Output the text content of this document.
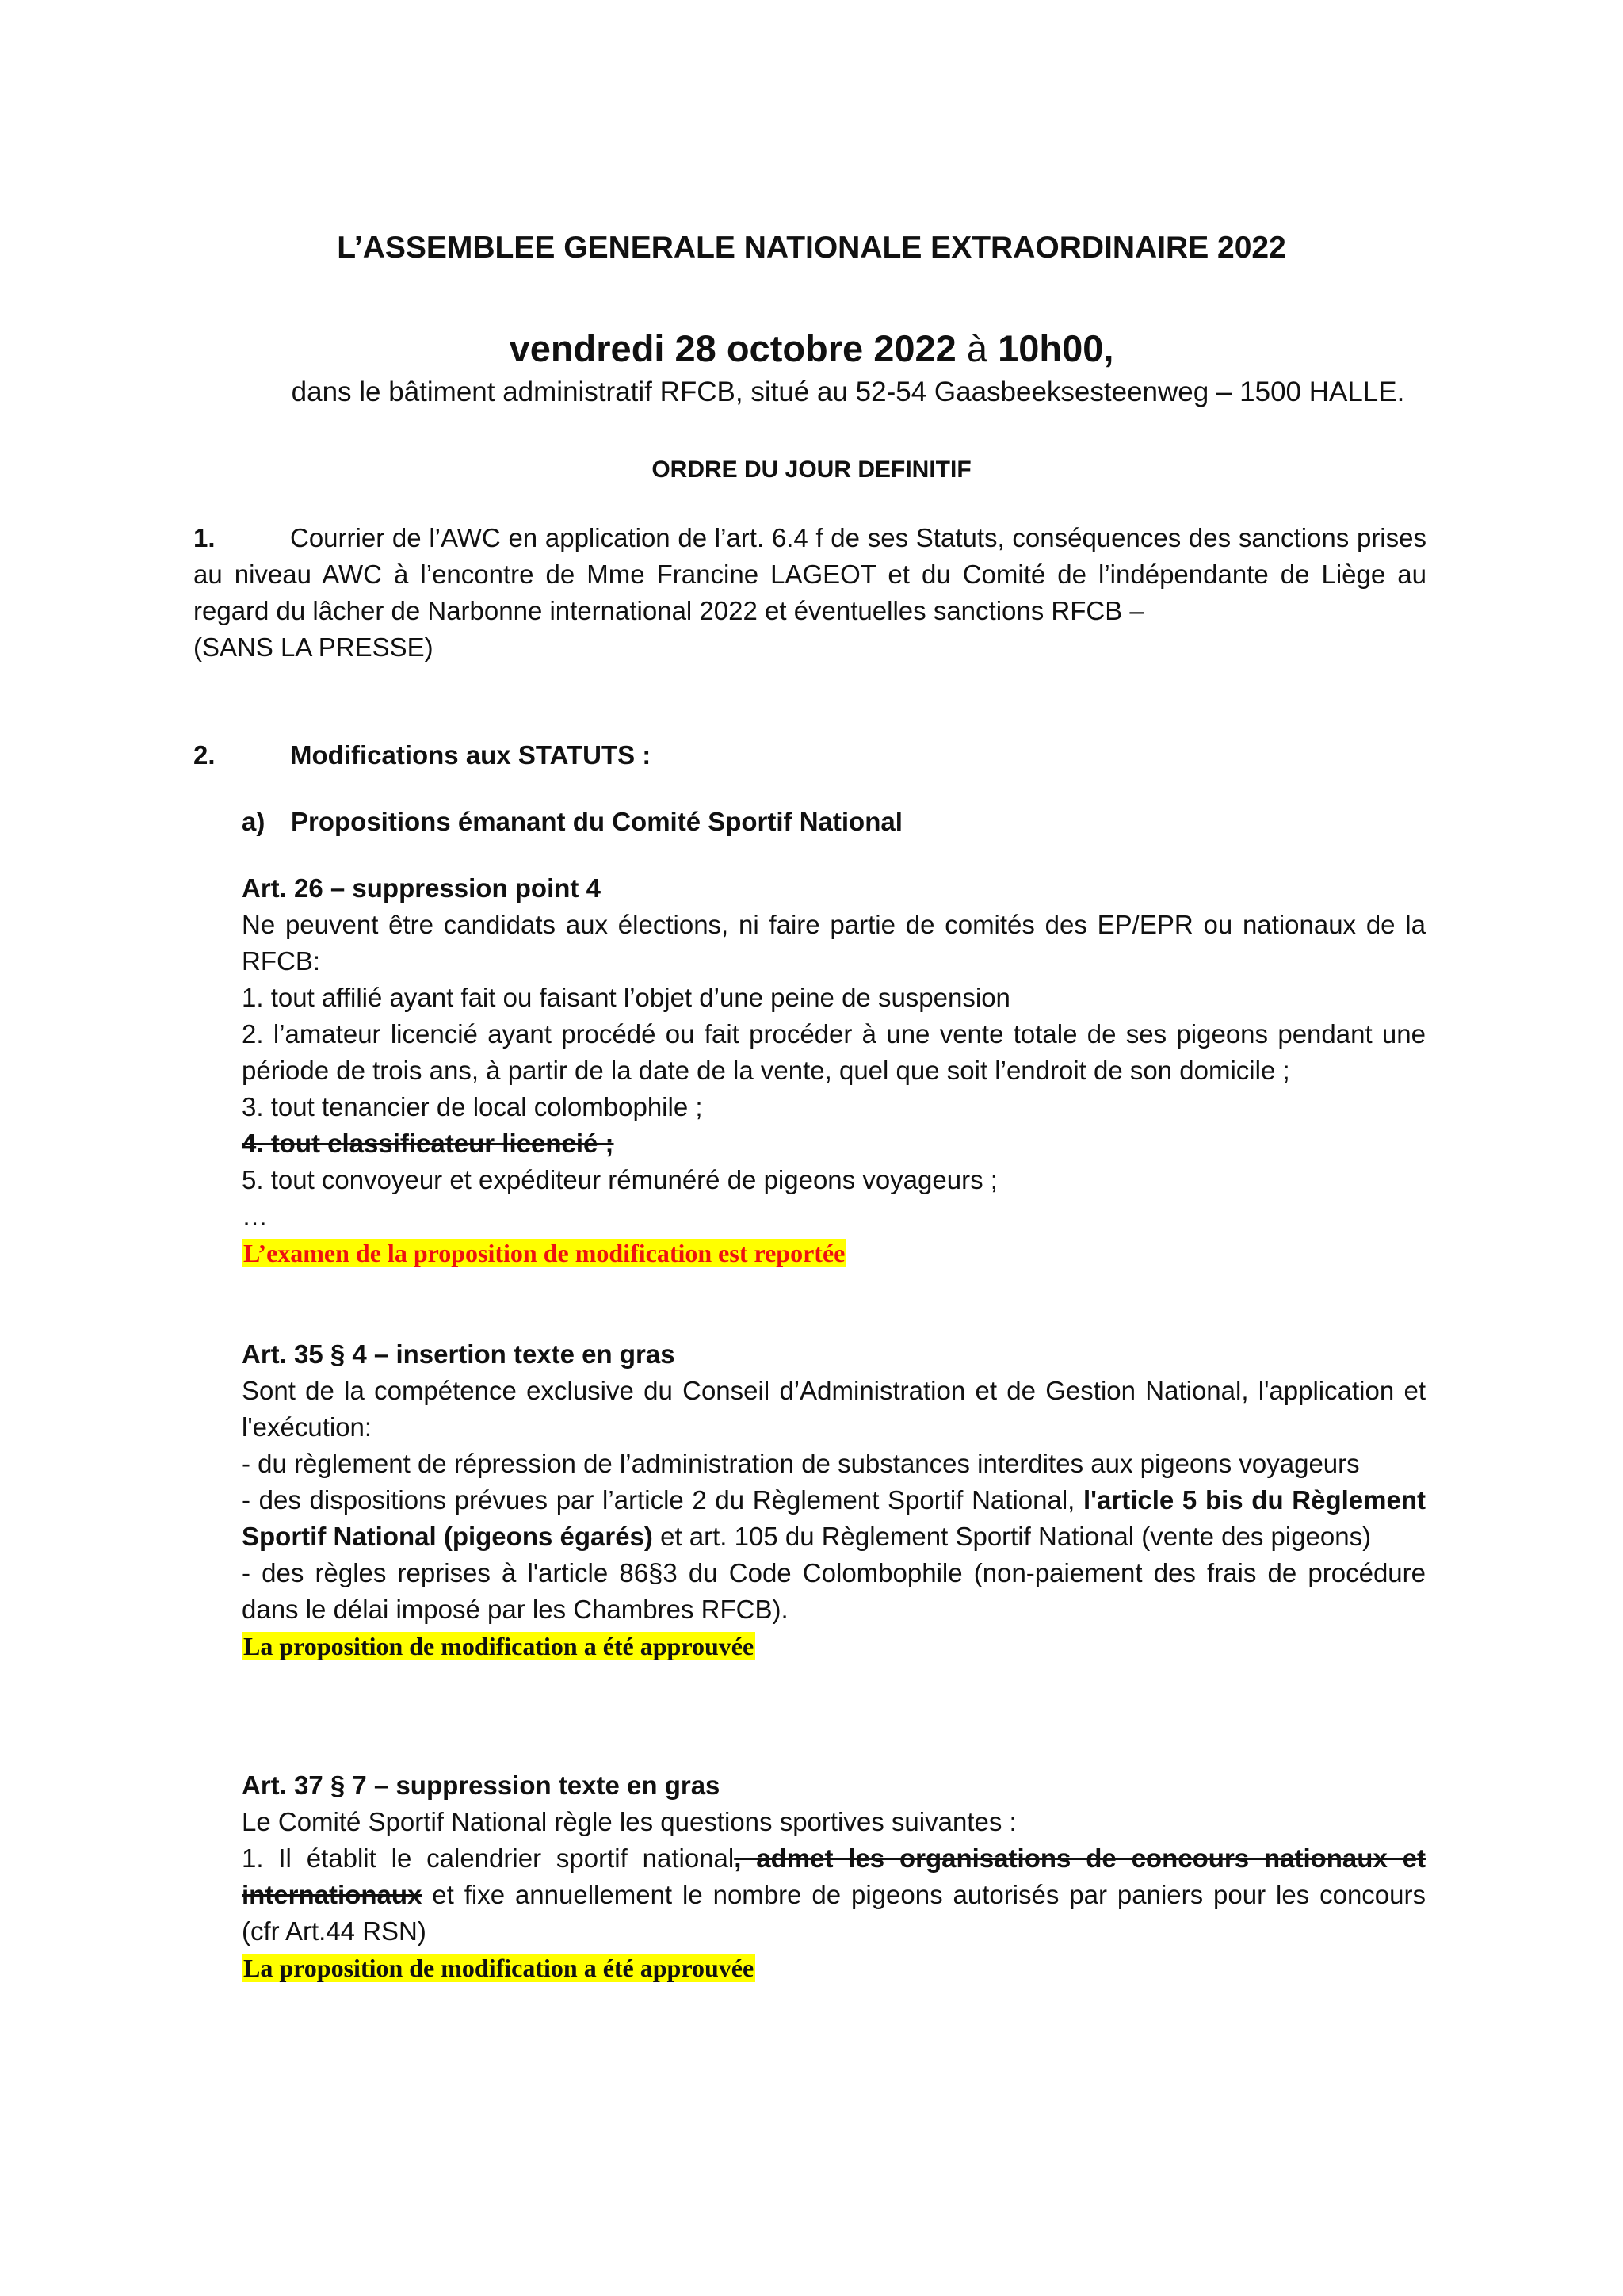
L’ASSEMBLEE GENERALE NATIONALE EXTRAORDINAIRE 2022
vendredi 28 octobre 2022 à 10h00,
dans le bâtiment administratif RFCB, situé au 52-54 Gaasbeeksesteenweg – 1500 HALLE.
ORDRE DU JOUR DEFINITIF
1.	Courrier de l’AWC en application de l’art. 6.4 f de ses Statuts, conséquences des sanctions prises au niveau AWC à l’encontre de Mme Francine LAGEOT et du Comité de l’indépendante de Liège au regard du lâcher de Narbonne international 2022 et éventuelles sanctions RFCB –
(SANS LA PRESSE)
2.	Modifications aux STATUTS :
a) Propositions émanant du Comité Sportif National
Art. 26 – suppression point 4
Ne peuvent être candidats aux élections, ni faire partie de comités des EP/EPR ou nationaux de la RFCB:
1. tout affilié ayant fait ou faisant l’objet d’une peine de suspension
2. l’amateur licencié ayant procédé ou fait procéder à une vente totale de ses pigeons pendant une période de trois ans, à partir de la date de la vente, quel que soit l’endroit de son domicile ;
3. tout tenancier de local colombophile ;
4. tout classificateur licencié ;
5. tout convoyeur et expéditeur rémunéré de pigeons voyageurs ;
…
L’examen de la proposition de modification est reportée
Art. 35 § 4 – insertion texte en gras
Sont de la compétence exclusive du Conseil d’Administration et de Gestion National, l'application et l'exécution:
- du règlement de répression de l’administration de substances interdites aux pigeons voyageurs
- des dispositions prévues par l’article 2 du Règlement Sportif National, l'article 5 bis du Règlement Sportif National (pigeons égarés) et art. 105 du Règlement Sportif National (vente des pigeons)
- des règles reprises à l'article 86§3 du Code Colombophile (non-paiement des frais de procédure dans le délai imposé par les Chambres RFCB).
La proposition de modification a été approuvée
Art. 37 § 7 – suppression texte en gras
Le Comité Sportif National règle les questions sportives suivantes :
1. Il établit le calendrier sportif national, admet les organisations de concours nationaux et internationaux et fixe annuellement le nombre de pigeons autorisés par paniers pour les concours (cfr Art.44 RSN)
La proposition de modification a été approuvée
